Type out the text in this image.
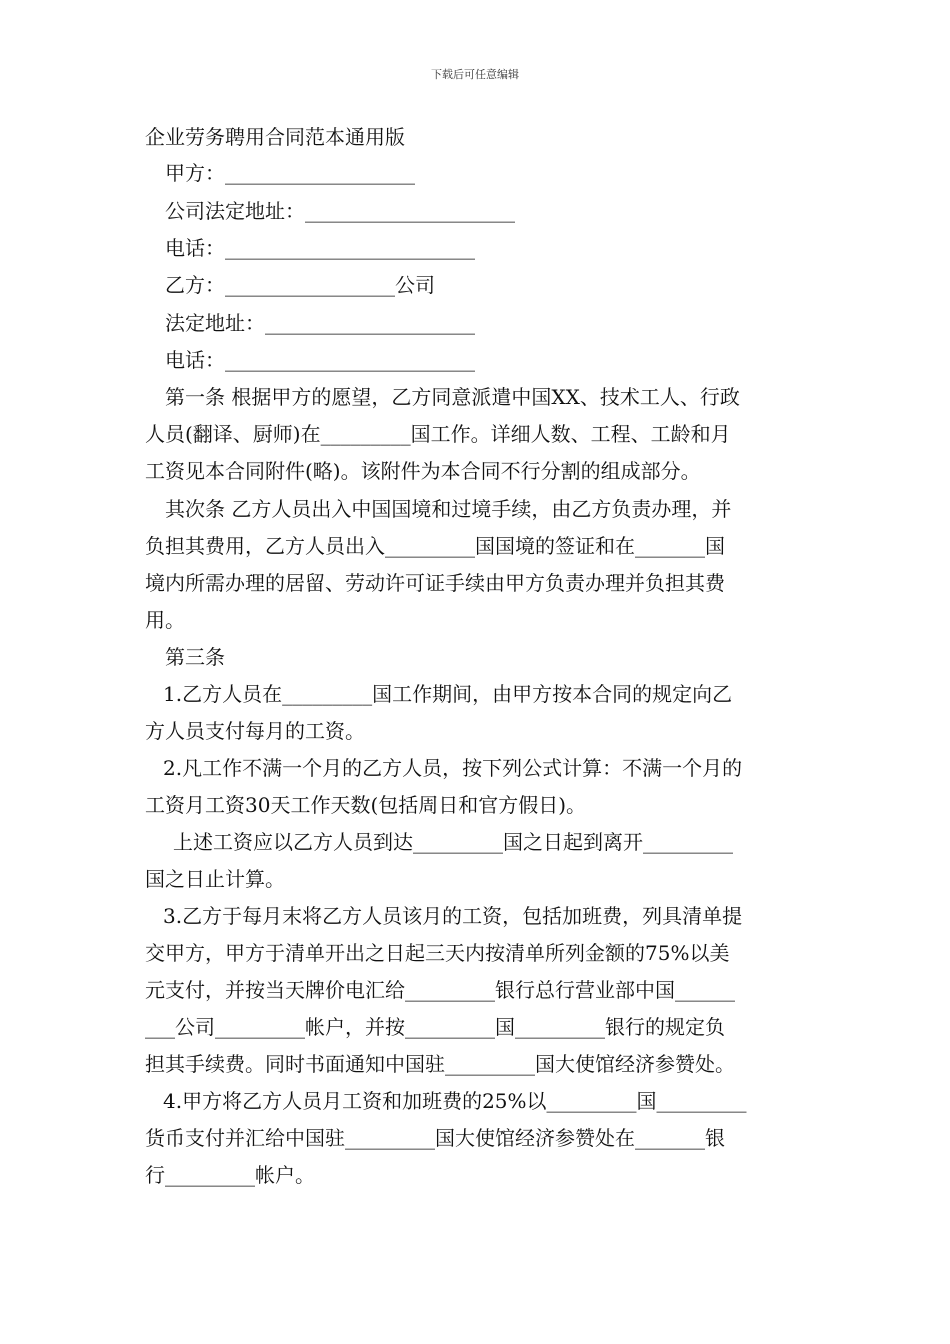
下载后可任意编辑
企业劳务聘用合同范本通用版
甲方：___________________
公司法定地址：_____________________
电话：_________________________
乙方：_________________公司
法定地址：_____________________
电话：_________________________
第一条 根据甲方的愿望，乙方同意派遣中国XX、技术工人、行政
人员(翻译、厨师)在_________国工作。详细人数、工程、工龄和月
工资见本合同附件(略)。该附件为本合同不行分割的组成部分。
其次条 乙方人员出入中国国境和过境手续，由乙方负责办理，并
负担其费用，乙方人员出入_________国国境的签证和在_______国
境内所需办理的居留、劳动许可证手续由甲方负责办理并负担其费
用。
第三条
1.乙方人员在_________国工作期间，由甲方按本合同的规定向乙
方人员支付每月的工资。
2.凡工作不满一个月的乙方人员，按下列公式计算：不满一个月的
工资月工资30天工作天数(包括周日和官方假日)。
上述工资应以乙方人员到达_________国之日起到离开_________
国之日止计算。
3.乙方于每月末将乙方人员该月的工资，包括加班费，列具清单提
交甲方，甲方于清单开出之日起三天内按清单所列金额的75%以美
元支付，并按当天牌价电汇给_________银行总行营业部中国______
___公司_________帐户，并按_________国_________银行的规定负
担其手续费。同时书面通知中国驻_________国大使馆经济参赞处。
4.甲方将乙方人员月工资和加班费的25%以_________国_________
货币支付并汇给中国驻_________国大使馆经济参赞处在_______银
行_________帐户。
